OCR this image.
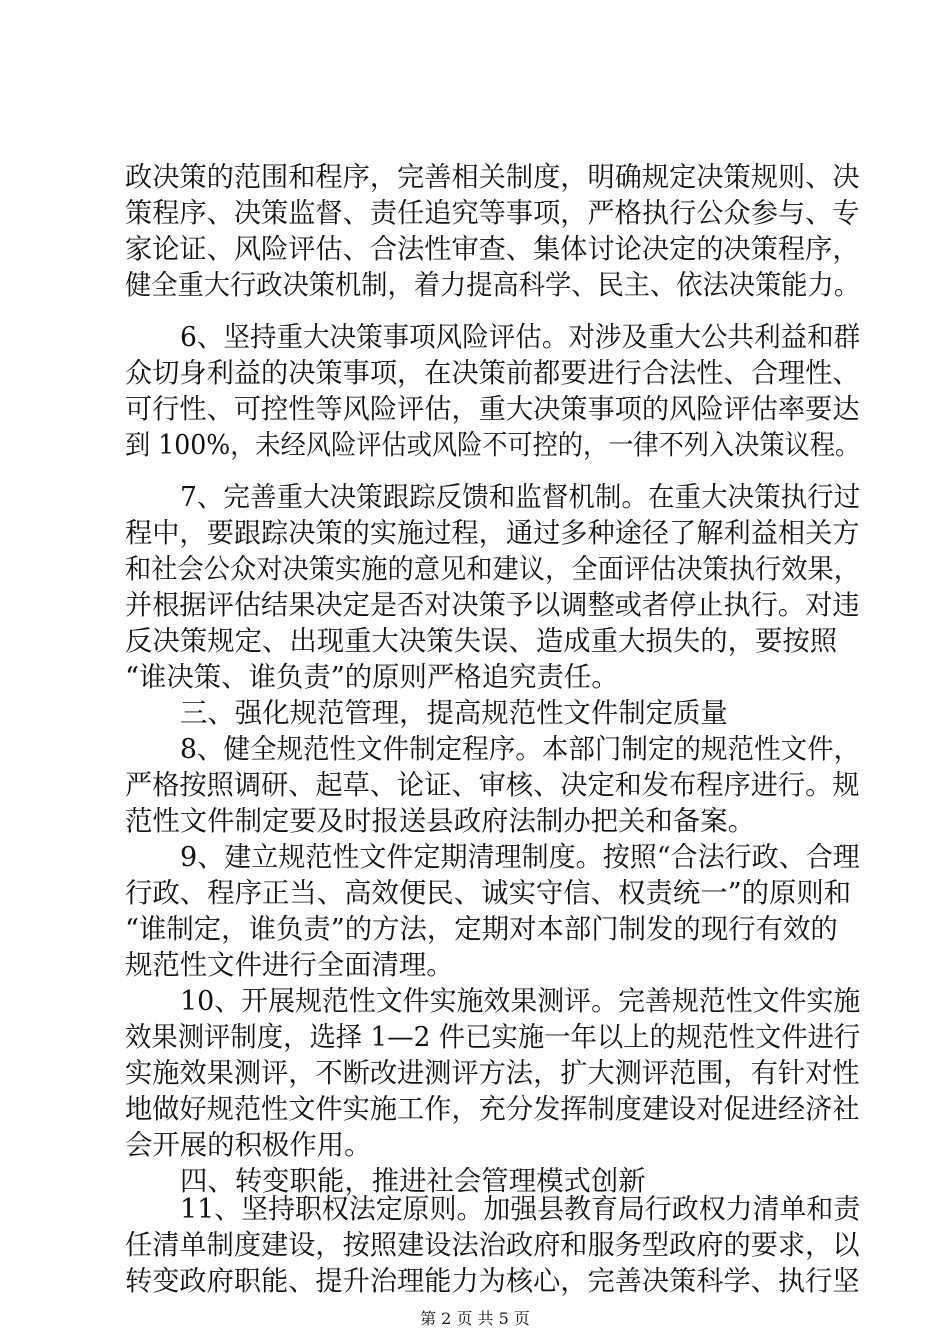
政决策的范围和程序，完善相关制度，明确规定决策规则、决
策程序、决策监督、责任追究等事项，严格执行公众参与、专
家论证、风险评估、合法性审查、集体讨论决定的决策程序，
健全重大行政决策机制，着力提高科学、民主、依法决策能力。
6、坚持重大决策事项风险评估。对涉及重大公共利益和群
众切身利益的决策事项，在决策前都要进行合法性、合理性、
可行性、可控性等风险评估，重大决策事项的风险评估率要达
到 100%，未经风险评估或风险不可控的，一律不列入决策议程。
7、完善重大决策跟踪反馈和监督机制。在重大决策执行过
程中，要跟踪决策的实施过程，通过多种途径了解利益相关方
和社会公众对决策实施的意见和建议，全面评估决策执行效果，
并根据评估结果决定是否对决策予以调整或者停止执行。对违
反决策规定、出现重大决策失误、造成重大损失的，要按照
“谁决策、谁负责”的原则严格追究责任。
三、强化规范管理，提高规范性文件制定质量
8、健全规范性文件制定程序。本部门制定的规范性文件，
严格按照调研、起草、论证、审核、决定和发布程序进行。规
范性文件制定要及时报送县政府法制办把关和备案。
9、建立规范性文件定期清理制度。按照“合法行政、合理
行政、程序正当、高效便民、诚实守信、权责统一”的原则和
“谁制定，谁负责”的方法，定期对本部门制发的现行有效的
规范性文件进行全面清理。
10、开展规范性文件实施效果测评。完善规范性文件实施
效果测评制度，选择 1—2 件已实施一年以上的规范性文件进行
实施效果测评，不断改进测评方法，扩大测评范围，有针对性
地做好规范性文件实施工作，充分发挥制度建设对促进经济社
会开展的积极作用。
四、转变职能，推进社会管理模式创新
11、坚持职权法定原则。加强县教育局行政权力清单和责
任清单制度建设，按照建设法治政府和服务型政府的要求，以
转变政府职能、提升治理能力为核心，完善决策科学、执行坚
第 2 页 共 5 页
